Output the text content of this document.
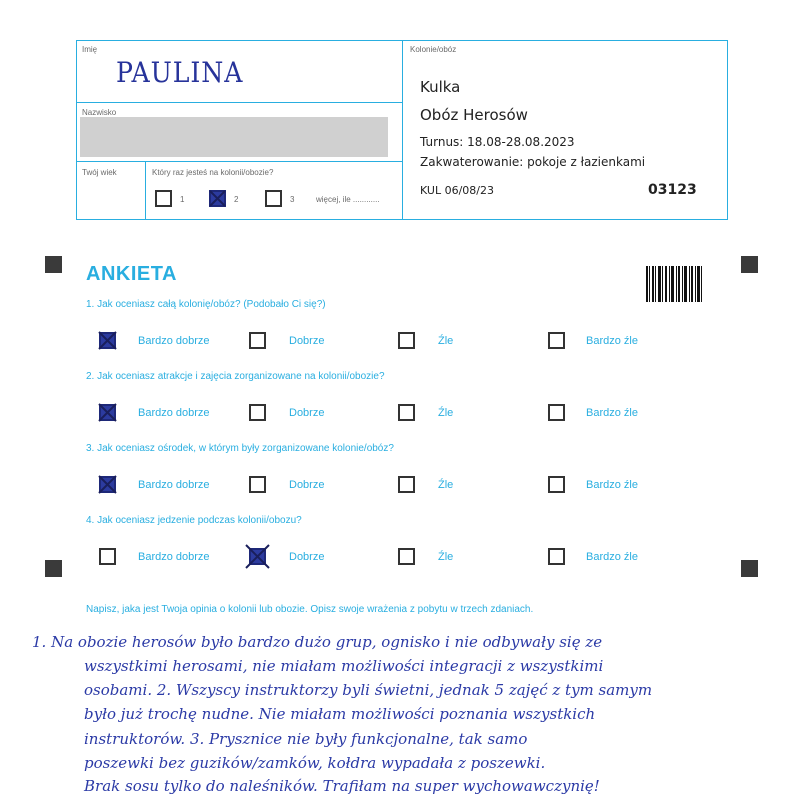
Imię
PAULINA
Nazwisko
Twój wiek	Który raz jesteś na kolonii/obozie?
1	2	3	więcej, ile ............
Kolonie/obóz
Kulka
Obóz Herosów
Turnus: 18.08-28.08.2023
Zakwaterowanie: pokoje z łazienkami
KUL 06/08/23	03123
ANKIETA
1. Jak oceniasz całą kolonię/obóz? (Podobało Ci się?)
Bardzo dobrze	Dobrze	Źle	Bardzo źle
2. Jak oceniasz atrakcje i zajęcia zorganizowane na kolonii/obozie?
Bardzo dobrze	Dobrze	Źle	Bardzo źle
3. Jak oceniasz ośrodek, w którym były zorganizowane kolonie/obóz?
Bardzo dobrze	Dobrze	Źle	Bardzo źle
4. Jak oceniasz jedzenie podczas kolonii/obozu?
Bardzo dobrze	Dobrze	Źle	Bardzo źle
Napisz, jaka jest Twoja opinia o kolonii lub obozie. Opisz swoje wrażenia z pobytu w trzech zdaniach.
1. Na obozie herosów było bardzo dużo grup, ognisko i nie odbywały się ze
wszystkimi herosami, nie miałam możliwości integracji z wszystkimi
osobami. 2. Wszyscy instruktorzy byli świetni, jednak 5 zajęć z tym samym
było już trochę nudne. Nie miałam możliwości poznania wszystkich
instruktorów. 3. Prysznice nie były funkcjonalne, tak samo
poszewki bez guzików/zamków, kołdra wypadała z poszewki.
Brak sosu tylko do naleśników. Trafiłam na super wychowawczynię!
